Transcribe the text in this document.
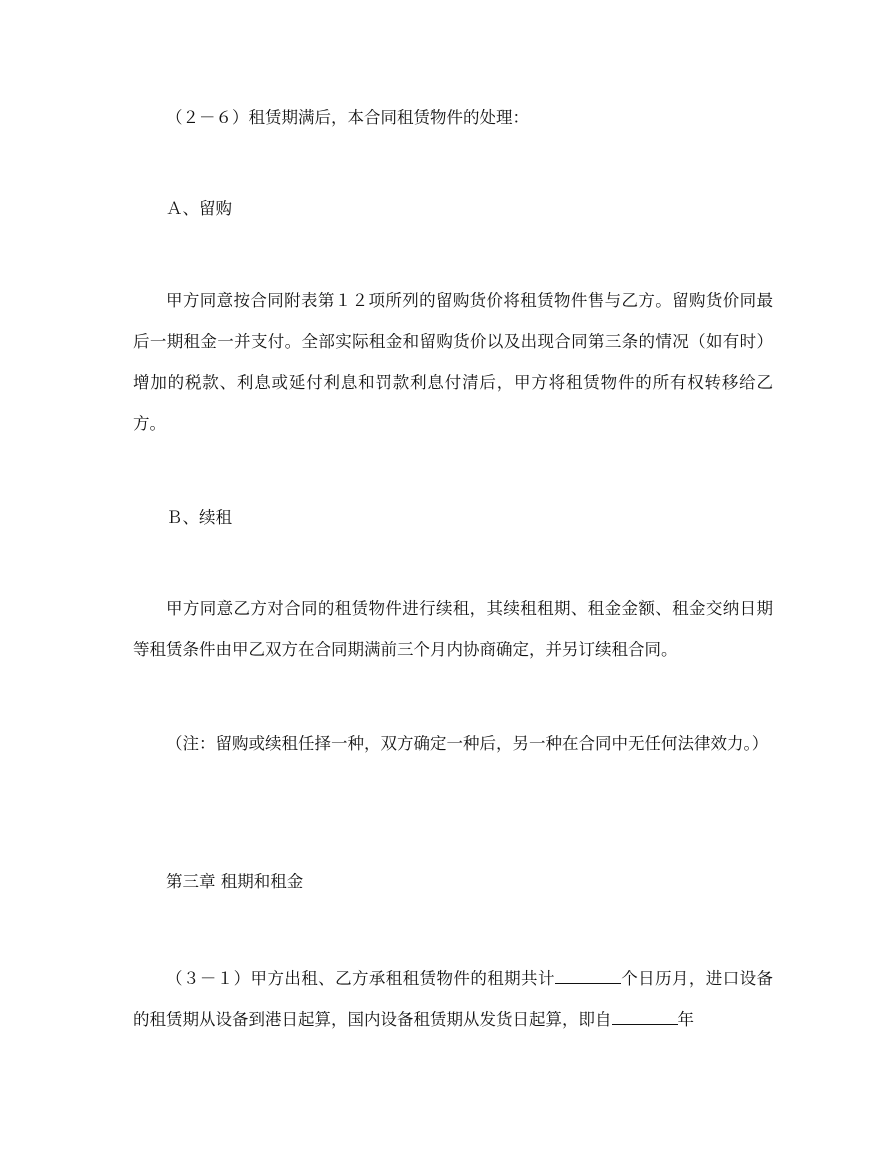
（２－６）租赁期满后，本合同租赁物件的处理：

Ａ、留购

甲方同意按合同附表第１２项所列的留购货价将租赁物件售与乙方。留购货价同最后一期租金一并支付。全部实际租金和留购货价以及出现合同第三条的情况（如有时）增加的税款、利息或延付利息和罚款利息付清后，甲方将租赁物件的所有权转移给乙方。

Ｂ、续租

甲方同意乙方对合同的租赁物件进行续租，其续租租期、租金金额、租金交纳日期等租赁条件由甲乙双方在合同期满前三个月内协商确定，并另订续租合同。

（注：留购或续租任择一种，双方确定一种后，另一种在合同中无任何法律效力。）

第三章 租期和租金

（３－１）甲方出租、乙方承租租赁物件的租期共计	个日历月，进口设备的租赁期从设备到港日起算，国内设备租赁期从发货日起算，即自	年
